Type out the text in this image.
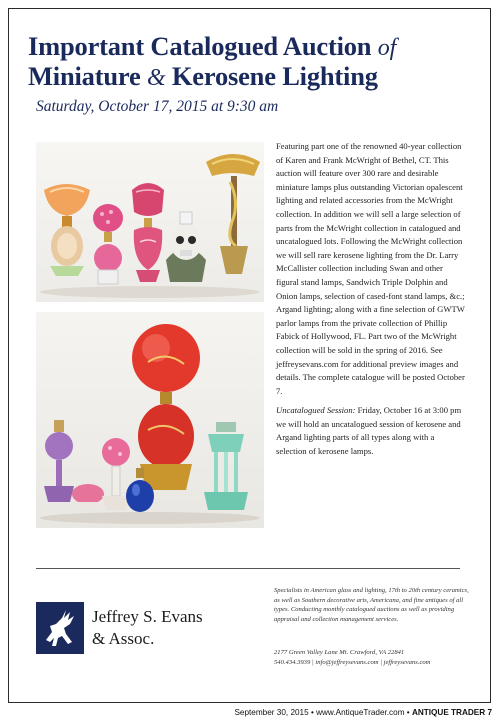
Important Catalogued Auction of
Miniature & Kerosene Lighting
Saturday, October 17, 2015 at 9:30 am

Featuring part one of the renowned 40-year collection of Karen and Frank McWright of Bethel, CT. This auction will feature over 300 rare and desirable miniature lamps plus outstanding Victorian opalescent lighting and related accessories from the McWright collection. In addition we will sell a large selection of parts from the McWright collection in catalogued and uncatalogued lots. Following the McWright collection we will sell rare kerosene lighting from the Dr. Larry McCallister collection including Swan and other figural stand lamps, Sandwich Triple Dolphin and Onion lamps, selection of cased-font stand lamps, &c.; Argand lighting; along with a fine selection of GWTW parlor lamps from the private collection of Phillip Fabick of Hollywood, FL. Part two of the McWright collection will be sold in the spring of 2016. See jeffreysevans.com for additional preview images and details. The complete catalogue will be posted October 7.

Uncatalogued Session: Friday, October 16 at 3:00 pm we will hold an uncatalogued session of kerosene and Argand lighting parts of all types along with a selection of kerosene lamps.

Jeffrey S. Evans
& Assoc.
Specialists in American glass and lighting, 17th to 20th century ceramics, as well as Southern decorative arts, Americana, and fine antiques of all types. Conducting monthly catalogued auctions as well as providing appraisal and collection management services.
2177 Green Valley Lane Mt. Crawford, VA 22841
540.434.3939 | info@jeffreysevans.com | jeffreysevans.com
September 30, 2015 • www.AntiqueTrader.com • ANTIQUE TRADER 7
